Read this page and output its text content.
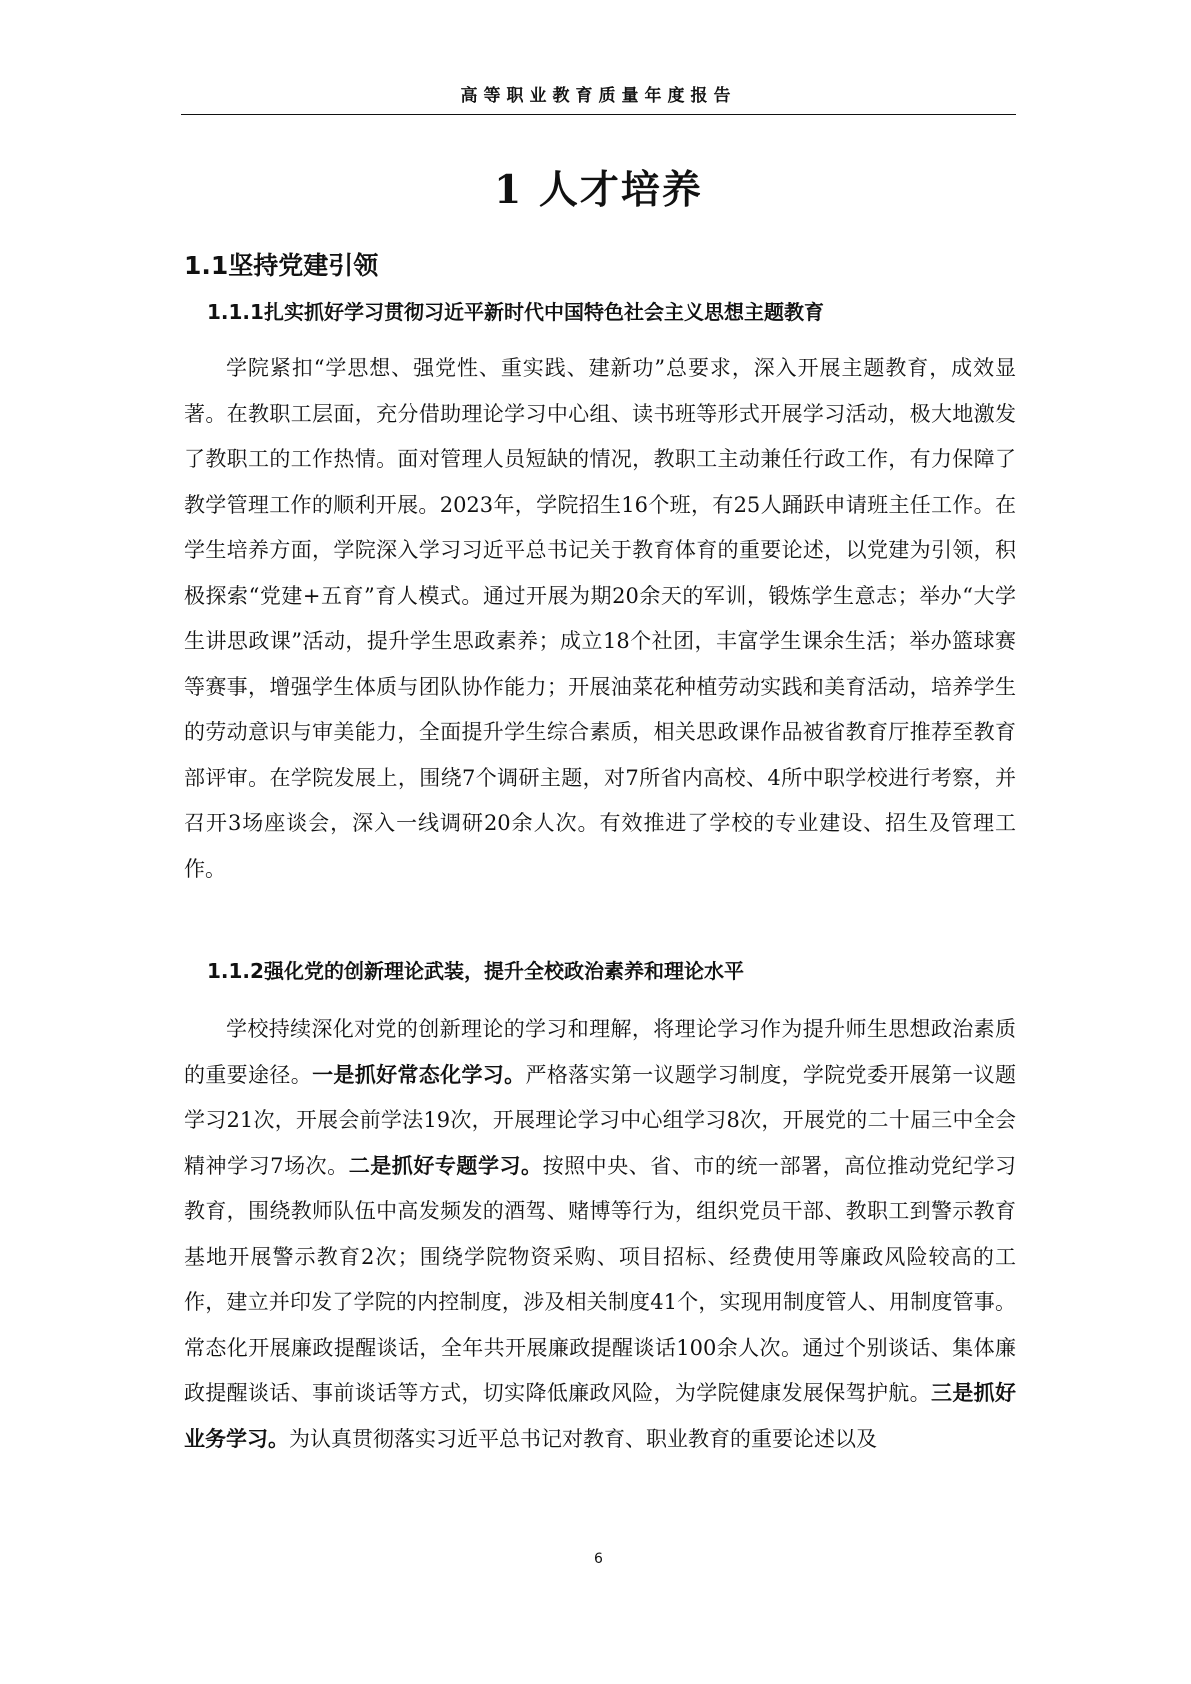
高等职业教育质量年度报告
1 人才培养
1.1坚持党建引领
1.1.1扎实抓好学习贯彻习近平新时代中国特色社会主义思想主题教育

学院紧扣“学思想、强党性、重实践、建新功”总要求，深入开展主题教育，成效显著。在教职工层面，充分借助理论学习中心组、读书班等形式开展学习活动，极大地激发了教职工的工作热情。面对管理人员短缺的情况，教职工主动兼任行政工作，有力保障了教学管理工作的顺利开展。2023年，学院招生16个班，有25人踊跃申请班主任工作。在学生培养方面，学院深入学习习近平总书记关于教育体育的重要论述，以党建为引领，积极探索“党建+五育”育人模式。通过开展为期20余天的军训，锻炼学生意志；举办“大学生讲思政课”活动，提升学生思政素养；成立18个社团，丰富学生课余生活；举办篮球赛等赛事，增强学生体质与团队协作能力；开展油菜花种植劳动实践和美育活动，培养学生的劳动意识与审美能力，全面提升学生综合素质，相关思政课作品被省教育厅推荐至教育部评审。在学院发展上，围绕7个调研主题，对7所省内高校、4所中职学校进行考察，并召开3场座谈会，深入一线调研20余人次。有效推进了学校的专业建设、招生及管理工作。

1.1.2强化党的创新理论武装，提升全校政治素养和理论水平

学校持续深化对党的创新理论的学习和理解，将理论学习作为提升师生思想政治素质的重要途径。一是抓好常态化学习。严格落实第一议题学习制度，学院党委开展第一议题学习21次，开展会前学法19次，开展理论学习中心组学习8次，开展党的二十届三中全会精神学习7场次。二是抓好专题学习。按照中央、省、市的统一部署，高位推动党纪学习教育，围绕教师队伍中高发频发的酒驾、赌博等行为，组织党员干部、教职工到警示教育基地开展警示教育2次；围绕学院物资采购、项目招标、经费使用等廉政风险较高的工作，建立并印发了学院的内控制度，涉及相关制度41个，实现用制度管人、用制度管事。常态化开展廉政提醒谈话，全年共开展廉政提醒谈话100余人次。通过个别谈话、集体廉政提醒谈话、事前谈话等方式，切实降低廉政风险，为学院健康发展保驾护航。三是抓好业务学习。为认真贯彻落实习近平总书记对教育、职业教育的重要论述以及

6
